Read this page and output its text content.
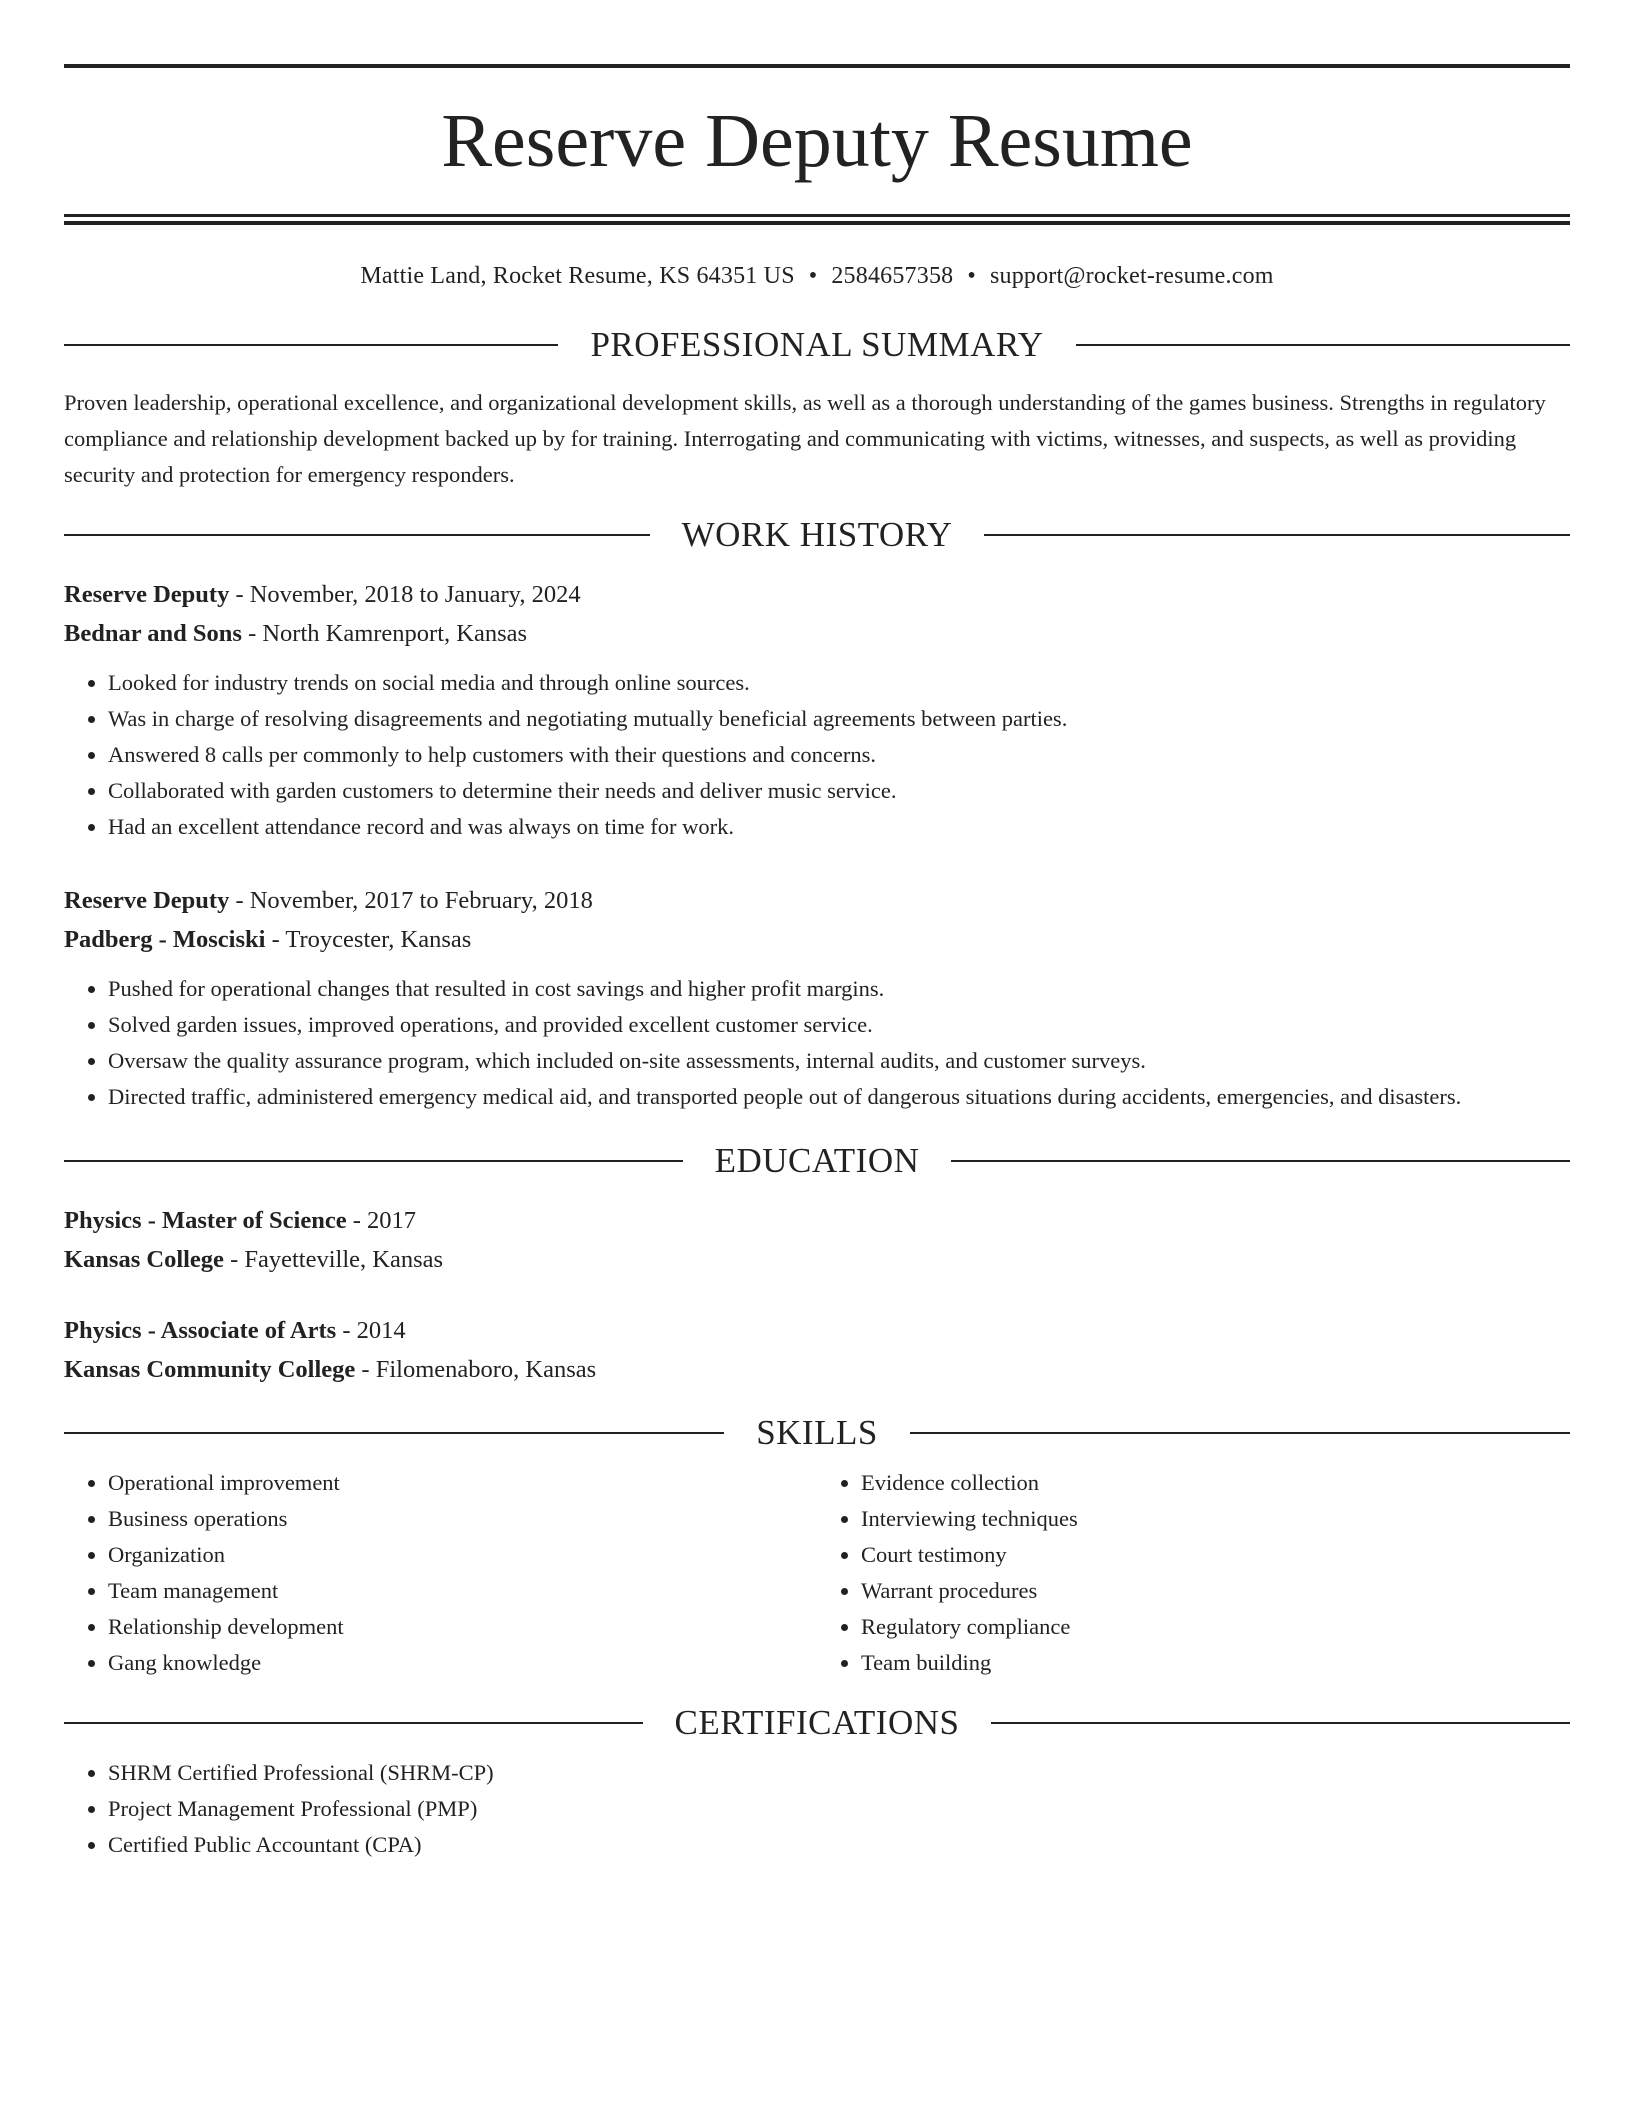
Reserve Deputy Resume
Mattie Land, Rocket Resume, KS 64351 US • 2584657358 • support@rocket-resume.com
PROFESSIONAL SUMMARY
Proven leadership, operational excellence, and organizational development skills, as well as a thorough understanding of the games business. Strengths in regulatory compliance and relationship development backed up by for training. Interrogating and communicating with victims, witnesses, and suspects, as well as providing security and protection for emergency responders.
WORK HISTORY
Reserve Deputy - November, 2018 to January, 2024
Bednar and Sons - North Kamrenport, Kansas
• Looked for industry trends on social media and through online sources.
• Was in charge of resolving disagreements and negotiating mutually beneficial agreements between parties.
• Answered 8 calls per commonly to help customers with their questions and concerns.
• Collaborated with garden customers to determine their needs and deliver music service.
• Had an excellent attendance record and was always on time for work.
Reserve Deputy - November, 2017 to February, 2018
Padberg - Mosciski - Troycester, Kansas
• Pushed for operational changes that resulted in cost savings and higher profit margins.
• Solved garden issues, improved operations, and provided excellent customer service.
• Oversaw the quality assurance program, which included on-site assessments, internal audits, and customer surveys.
• Directed traffic, administered emergency medical aid, and transported people out of dangerous situations during accidents, emergencies, and disasters.
EDUCATION
Physics - Master of Science - 2017
Kansas College - Fayetteville, Kansas
Physics - Associate of Arts - 2014
Kansas Community College - Filomenaboro, Kansas
SKILLS
• Operational improvement
• Business operations
• Organization
• Team management
• Relationship development
• Gang knowledge
• Evidence collection
• Interviewing techniques
• Court testimony
• Warrant procedures
• Regulatory compliance
• Team building
CERTIFICATIONS
• SHRM Certified Professional (SHRM-CP)
• Project Management Professional (PMP)
• Certified Public Accountant (CPA)
